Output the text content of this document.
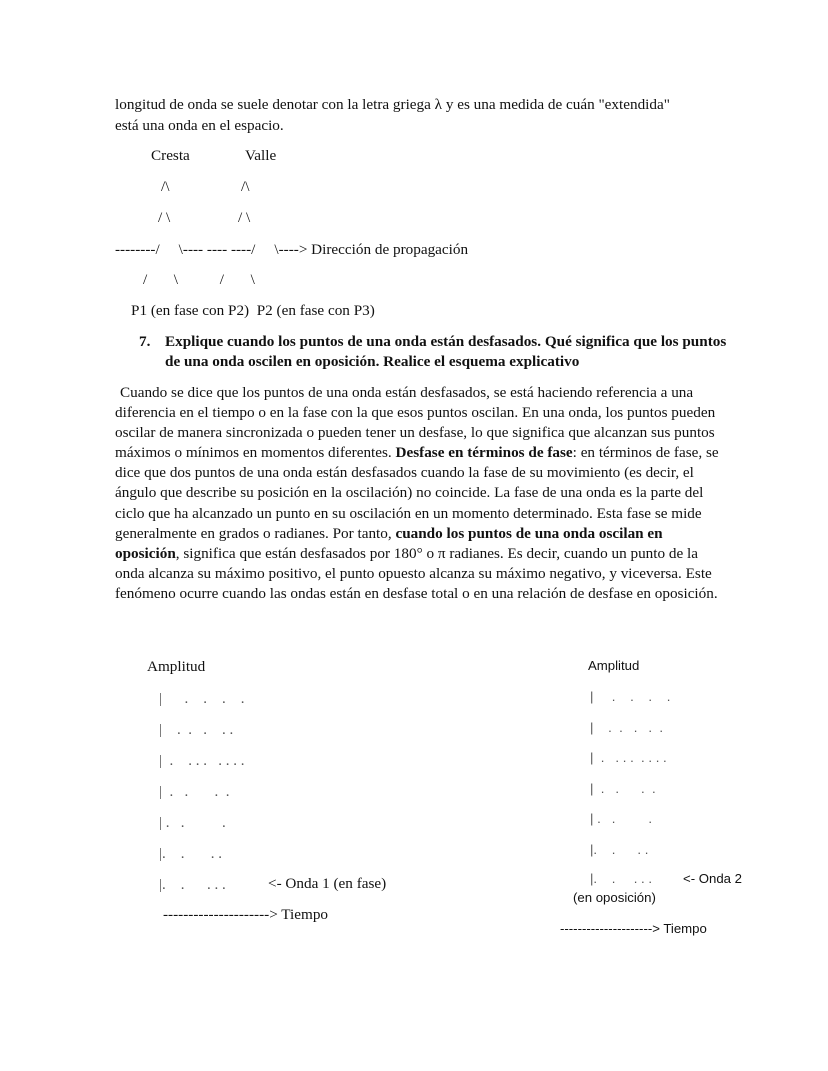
longitud de onda se suele denotar con la letra griega λ y es una medida de cuán "extendida"
está una onda en el espacio.
Cresta	Valle
/\	/\
/ \	/ \
--------/     \---- ---- ----/     \----> Dirección de propagación
/       \           /       \
P1 (en fase con P2)  P2 (en fase con P3)
7. Explique cuando los puntos de una onda están desfasados. Qué significa que los puntos de una onda oscilen en oposición. Realice el esquema explicativo
Cuando se dice que los puntos de una onda están desfasados, se está haciendo referencia a una diferencia en el tiempo o en la fase con la que esos puntos oscilan. En una onda, los puntos pueden oscilar de manera sincronizada o pueden tener un desfase, lo que significa que alcanzan sus puntos máximos o mínimos en momentos diferentes. Desfase en términos de fase: en términos de fase, se dice que dos puntos de una onda están desfasados cuando la fase de su movimiento (es decir, el ángulo que describe su posición en la oscilación) no coincide. La fase de una onda es la parte del ciclo que ha alcanzado un punto en su oscilación en un momento determinado. Esta fase se mide generalmente en grados o radianes. Por tanto, cuando los puntos de una onda oscilan en oposición, significa que están desfasados por 180° o π radianes. Es decir, cuando un punto de la onda alcanza su máximo positivo, el punto opuesto alcanza su máximo negativo, y viceversa. Este fenómeno ocurre cuando las ondas están en desfase total o en una relación de desfase en oposición.
Amplitud
|      .    .    .    .
|    .  .   .    . .
|  .    . . .   . . . .
|  .   .       .  .
| .   .          .
|.    .       . .
|.    .      . . .	<- Onda 1 (en fase)
---------------------> Tiempo
Amplitud
|     .    .    .    .
|    .  .   .   .  .
|  .   . . .  . . . .
|  .   .      .  .
| .   .         .
|.    .      . .
|.    .     . . . <- Onda 2
(en oposición)
---------------------> Tiempo
